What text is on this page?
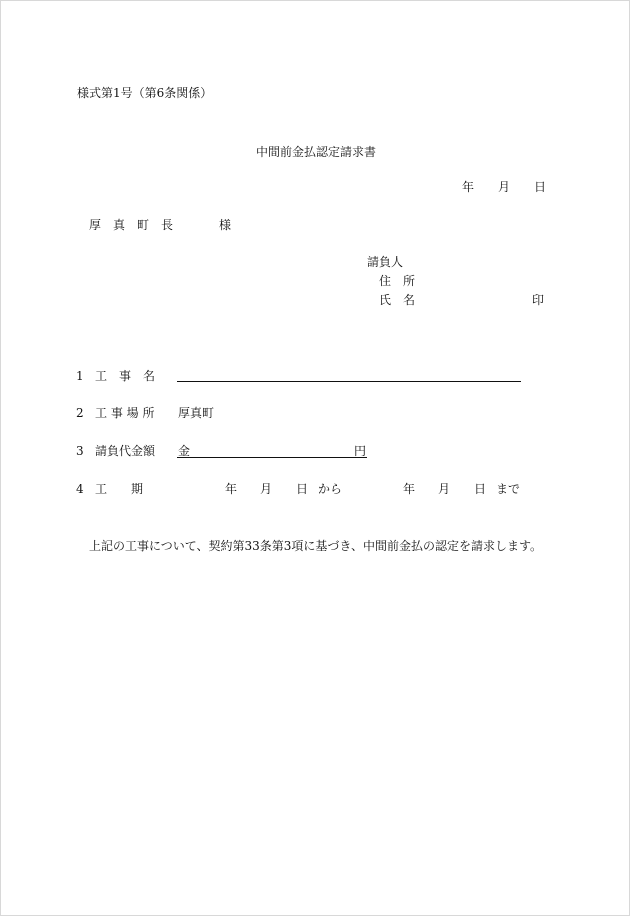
様式第1号（第6条関係）
中間前金払認定請求書
年 月 日
厚　真　町　長	様
請負人
住　所
氏　名	印
1 工　事　名
2 工 事 場 所 厚真町
3 請負代金額 金	円
4 工　　期	年 月 日 から	年 月 日 まで
上記の工事について、契約第33条第3項に基づき、中間前金払の認定を請求します。
